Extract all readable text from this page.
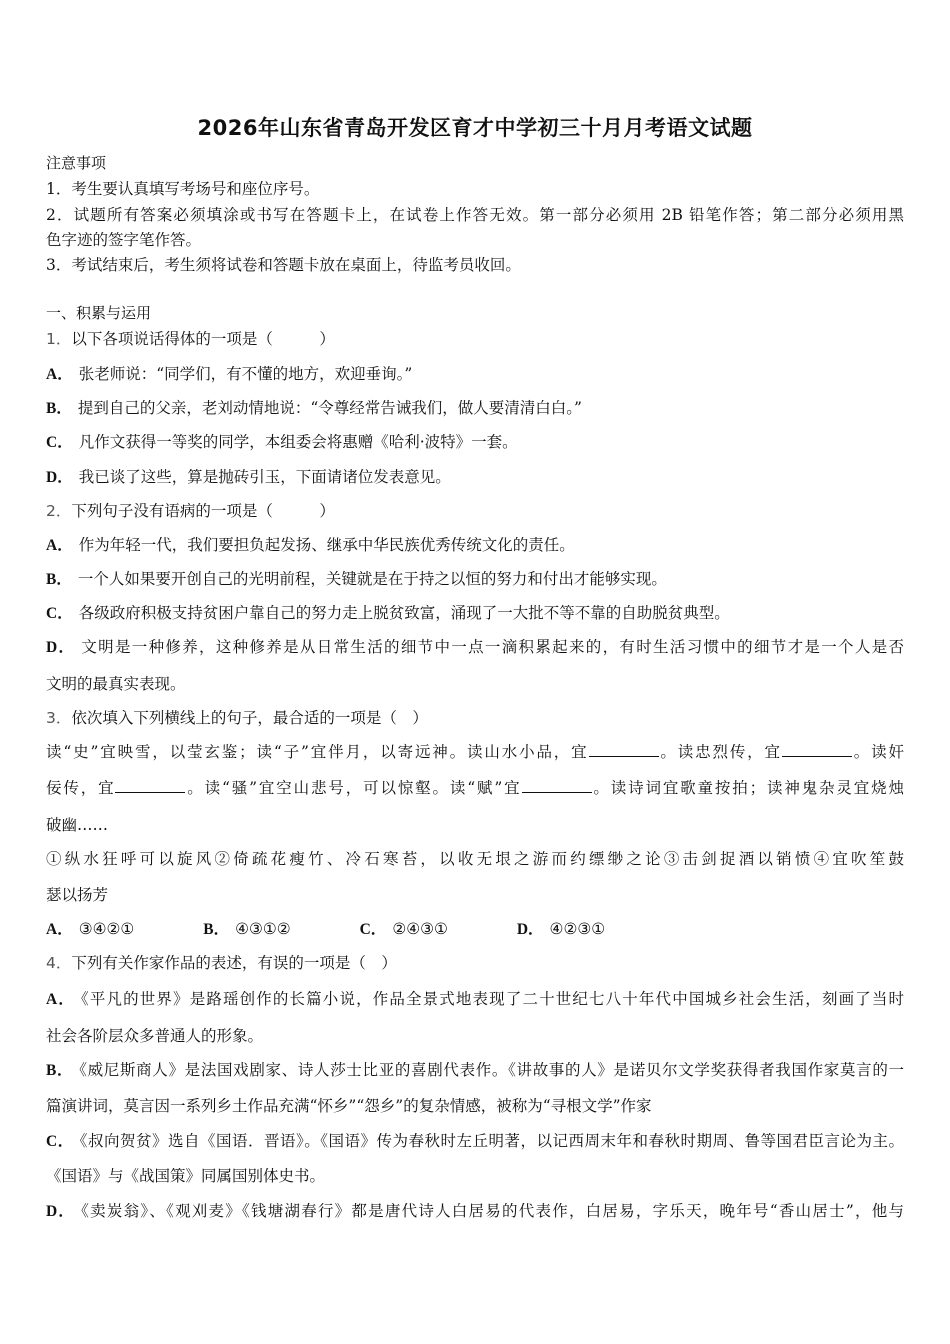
2026年山东省青岛开发区育才中学初三十月月考语文试题
注意事项
1．考生要认真填写考场号和座位序号。
2．试题所有答案必须填涂或书写在答题卡上，在试卷上作答无效。第一部分必须用 2B 铅笔作答；第二部分必须用黑
色字迹的签字笔作答。
3．考试结束后，考生须将试卷和答题卡放在桌面上，待监考员收回。
一、积累与运用
1．以下各项说话得体的一项是（　　　）
A． 张老师说：“同学们，有不懂的地方，欢迎垂询。”
B． 提到自己的父亲，老刘动情地说：“令尊经常告诫我们，做人要清清白白。”
C． 凡作文获得一等奖的同学，本组委会将惠赠《哈利·波特》一套。
D． 我已谈了这些，算是抛砖引玉，下面请诸位发表意见。
2．下列句子没有语病的一项是（　　　）
A． 作为年轻一代，我们要担负起发扬、继承中华民族优秀传统文化的责任。
B． 一个人如果要开创自己的光明前程，关键就是在于持之以恒的努力和付出才能够实现。
C． 各级政府积极支持贫困户靠自己的努力走上脱贫致富，涌现了一大批不等不靠的自助脱贫典型。
D． 文明是一种修养，这种修养是从日常生活的细节中一点一滴积累起来的，有时生活习惯中的细节才是一个人是否
文明的最真实表现。
3．依次填入下列横线上的句子，最合适的一项是（　）
读“史”宜映雪，以莹玄鉴；读“子”宜伴月，以寄远神。读山水小品，宜	。读忠烈传，宜	。读奸
佞传，宜	。读“骚”宜空山悲号，可以惊壑。读“赋”宜	。读诗词宜歌童按拍；读神鬼杂灵宜烧烛
破幽……
①纵水狂呼可以旋风②倚疏花瘦竹、冷石寒苔，以收无垠之游而约缥缈之论③击剑捉酒以销愤④宜吹笙鼓
瑟以扬芳
A． ③④②①	B． ④③①②	C． ②④③①	D． ④②③①
4．下列有关作家作品的表述，有误的一项是（　）
A． 《平凡的世界》是路瑶创作的长篇小说，作品全景式地表现了二十世纪七八十年代中国城乡社会生活，刻画了当时
社会各阶层众多普通人的形象。
B． 《威尼斯商人》是法国戏剧家、诗人莎士比亚的喜剧代表作。《讲故事的人》是诺贝尔文学奖获得者我国作家莫言的一
篇演讲词，莫言因一系列乡土作品充满“怀乡”“怨乡”的复杂情感，被称为“寻根文学”作家
C． 《叔向贺贫》选自《国语．晋语》。《国语》传为春秋时左丘明著，以记西周末年和春秋时期周、鲁等国君臣言论为主。
《国语》与《战国策》同属国别体史书。
D． 《卖炭翁》、《观刈麦》《钱塘湖春行》都是唐代诗人白居易的代表作，白居易，字乐天，晚年号“香山居士”，他与
